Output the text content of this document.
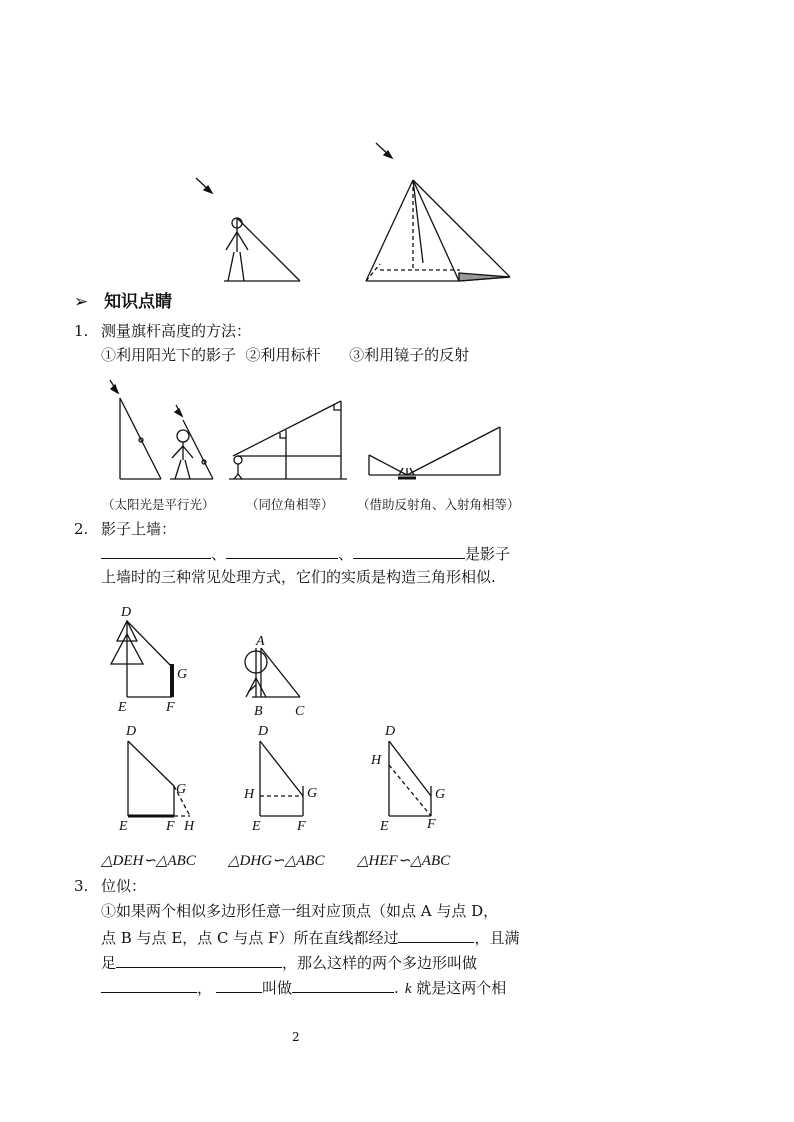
➢ 知识点睛
1. 测量旗杆高度的方法：
①利用阳光下的影子  ②利用标杆      ③利用镜子的反射
（太阳光是平行光）	（同位角相等） （借助反射角、入射角相等）
2. 影子上墙：
、	、	是影子
上墙时的三种常见处理方式，它们的实质是构造三角形相似.
D
G
E	F
A
B C
D
G
E	F H
D
H	G
E	F
D
H
G
E	F
△DEH∽△ABC △DHG∽△ABC △HEF∽△ABC
3. 位似：
①如果两个相似多边形任意一组对应顶点（如点 A 与点 D，
点 B 与点 E，点 C 与点 F）所在直线都经过	，且满
足	，那么这样的两个多边形叫做
，	叫做	. k 就是这两个相
2
